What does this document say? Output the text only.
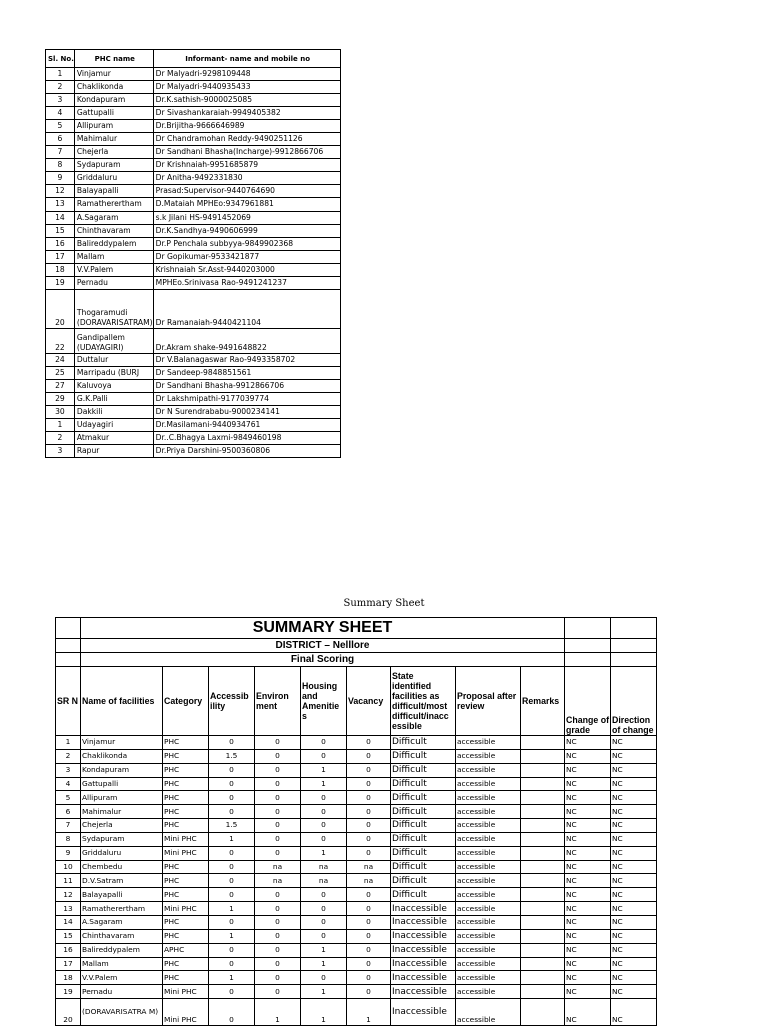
Sl. No.	PHC name	Informant- name and mobile no
1	Vinjamur	Dr Malyadri-9298109448
2	Chaklikonda	Dr Malyadri-9440935433
3	Kondapuram	Dr.K.sathish-9000025085
4	Gattupalli	Dr Sivashankaraiah-9949405382
5	Allipuram	Dr.Brijitha-9666646989
6	Mahimalur	Dr Chandramohan Reddy-9490251126
7	Chejerla	Dr Sandhani Bhasha(Incharge)-9912866706
8	Sydapuram	Dr Krishnaiah-9951685879
9	Griddaluru	Dr Anitha-9492331830
12	Balayapalli	Prasad:Supervisor-9440764690
13	Ramatherertham	D.Mataiah MPHEo:9347961881
14	A.Sagaram	s.k Jilani HS-9491452069
15	Chinthavaram	Dr.K.Sandhya-9490606999
16	Balireddypalem	Dr.P Penchala subbyya-9849902368
17	Mallam	Dr Gopikumar-9533421877
18	V.V.Palem	Krishnaiah Sr.Asst-9440203000
19	Pernadu	MPHEo.Srinivasa Rao-9491241237
20	Thogaramudi (DORAVARISATRAM)	Dr Ramanaiah-9440421104
22	Gandipallem (UDAYAGIRI)	Dr.Akram shake-9491648822
24	Duttalur	Dr V.Balanagaswar Rao-9493358702
25	Marripadu (BURJ	Dr Sandeep-9848851561
27	Kaluvoya	Dr Sandhani Bhasha-9912866706
29	G.K.Palli	Dr Lakshmipathi-9177039774
30	Dakkili	Dr N Surendrababu-9000234141
1	Udayagiri	Dr.Masilamani-9440934761
2	Atmakur	Dr..C.Bhagya Laxmi-9849460198
3	Rapur	Dr.Priya Darshini-9500360806
Summary Sheet
	SUMMARY SHEET										
	DISTRICT – Nelllore										
	Final Scoring										
SR N	Name of facilities	Category	Accessib ility	Environ ment	Housing and Amenitie s	Vacancy	State identified facilities as difficult/most difficult/inacc essible	Proposal after review	Remarks	Change of grade	Direction of change
1	Vinjamur	PHC	0	0	0	0	Difficult	accessible		NC	NC
2	Chaklikonda	PHC	1.5	0	0	0	Difficult	accessible		NC	NC
3	Kondapuram	PHC	0	0	1	0	Difficult	accessible		NC	NC
4	Gattupalli	PHC	0	0	1	0	Difficult	accessible		NC	NC
5	Allipuram	PHC	0	0	0	0	Difficult	accessible		NC	NC
6	Mahimalur	PHC	0	0	0	0	Difficult	accessible		NC	NC
7	Chejerla	PHC	1.5	0	0	0	Difficult	accessible		NC	NC
8	Sydapuram	Mini PHC	1	0	0	0	Difficult	accessible		NC	NC
9	Griddaluru	Mini PHC	0	0	1	0	Difficult	accessible		NC	NC
10	Chembedu	PHC	0	na	na	na	Difficult	accessible		NC	NC
11	D.V.Satram	PHC	0	na	na	na	Difficult	accessible		NC	NC
12	Balayapalli	PHC	0	0	0	0	Difficult	accessible		NC	NC
13	Ramatherertham	Mini PHC	1	0	0	0	Inaccessible	accessible		NC	NC
14	A.Sagaram	PHC	0	0	0	0	Inaccessible	accessible		NC	NC
15	Chinthavaram	PHC	1	0	0	0	Inaccessible	accessible		NC	NC
16	Balireddypalem	APHC	0	0	1	0	Inaccessible	accessible		NC	NC
17	Mallam	PHC	0	0	1	0	Inaccessible	accessible		NC	NC
18	V.V.Palem	PHC	1	0	0	0	Inaccessible	accessible		NC	NC
19	Pernadu	Mini PHC	0	0	1	0	Inaccessible	accessible		NC	NC
20	(DORAVARISATRA M)	Mini PHC	0	1	1	1	Inaccessible	accessible		NC	NC
